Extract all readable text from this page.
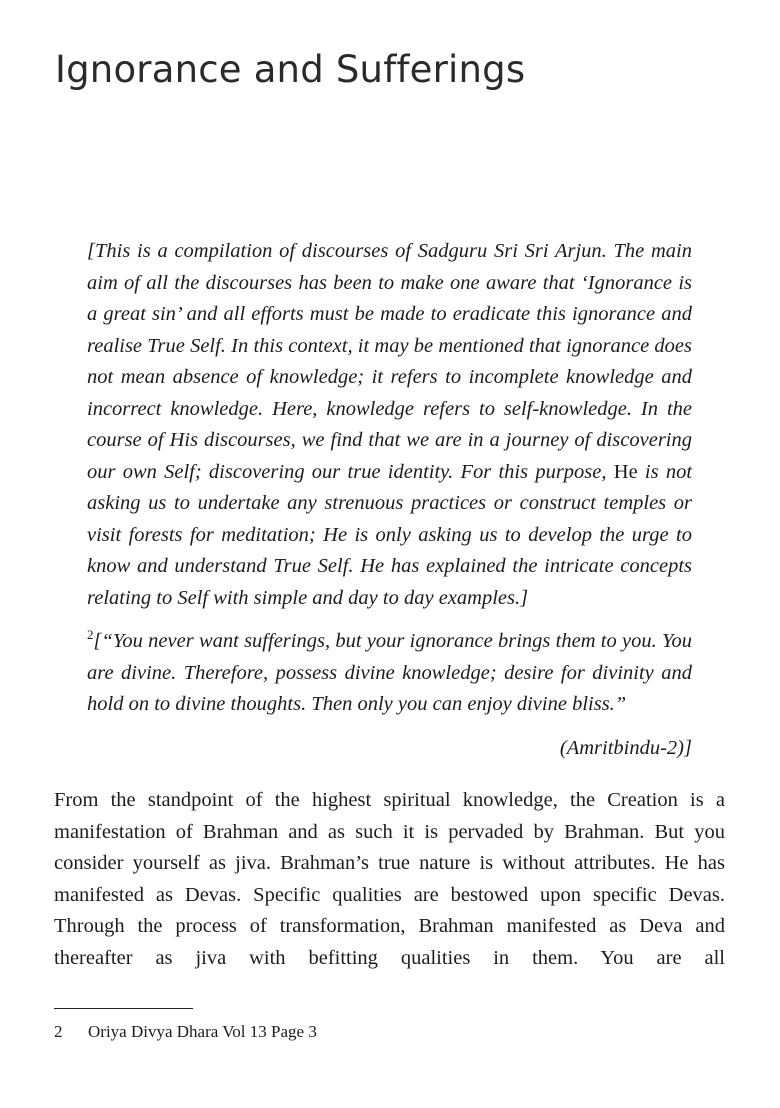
Ignorance and Sufferings

[This is a compilation of discourses of Sadguru Sri Sri Arjun. The main aim of all the discourses has been to make one aware that ‘Ignorance is a great sin’ and all efforts must be made to eradicate this ignorance and realise True Self. In this context, it may be mentioned that ignorance does not mean absence of knowledge; it refers to incomplete knowledge and incorrect knowledge. Here, knowledge refers to self-knowledge. In the course of His discourses, we find that we are in a journey of discovering our own Self; discovering our true identity. For this purpose, He is not asking us to undertake any strenuous practices or construct temples or visit forests for meditation; He is only asking us to develop the urge to know and understand True Self. He has explained the intricate concepts relating to Self with simple and day to day examples.]

$^2$[“You never want sufferings, but your ignorance brings them to you. You are divine. Therefore, possess divine knowledge; desire for divinity and hold on to divine thoughts. Then only you can enjoy divine bliss.”

(Amritbindu-2)]

From the standpoint of the highest spiritual knowledge, the Creation is a manifestation of Brahman and as such it is pervaded by Brahman. But you consider yourself as jiva. Brahman’s true nature is without attributes. He has manifested as Devas. Specific qualities are bestowed upon specific Devas. Through the process of transformation, Brahman manifested as Deva and thereafter as jiva with befitting qualities in them. You are all

2 Oriya Divya Dhara Vol 13 Page 3
